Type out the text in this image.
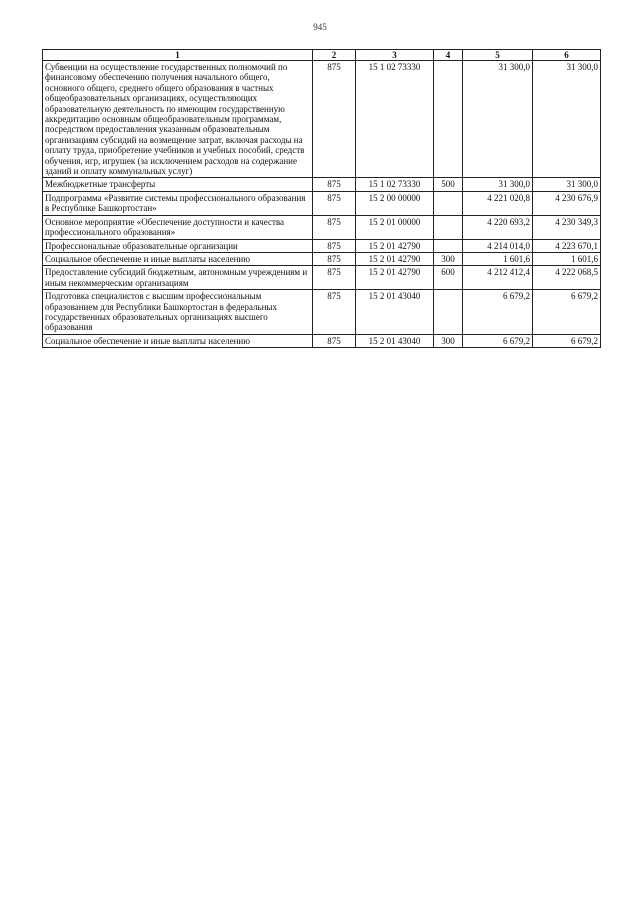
945
1	2	3	4	5	6
Субвенции на осуществление государственных полномочий по финансовому обеспечению получения начального общего, основного общего, среднего общего образования в частных общеобразовательных организациях, осуществляющих образовательную деятельность по имеющим государственную аккредитацию основным общеобразовательным программам, посредством предоставления указанным образовательным организациям субсидий на возмещение затрат, включая расходы на оплату труда, приобретение учебников и учебных пособий, средств обучения, игр, игрушек (за исключением расходов на содержание зданий и оплату коммунальных услуг)	875	15 1 02 73330		31 300,0	31 300,0
Межбюджетные трансферты	875	15 1 02 73330	500	31 300,0	31 300,0
Подпрограмма «Развитие системы профессионального образования в Республике Башкортостан»	875	15 2 00 00000		4 221 020,8	4 230 676,9
Основное мероприятие «Обеспечение доступности и качества профессионального образования»	875	15 2 01 00000		4 220 693,2	4 230 349,3
Профессиональные образовательные организации	875	15 2 01 42790		4 214 014,0	4 223 670,1
Социальное обеспечение и иные выплаты населению	875	15 2 01 42790	300	1 601,6	1 601,6
Предоставление субсидий бюджетным, автономным учреждениям и иным некоммерческим организациям	875	15 2 01 42790	600	4 212 412,4	4 222 068,5
Подготовка специалистов с высшим профессиональным образованием для Республики Башкортостан в федеральных государственных образовательных организациях высшего образования	875	15 2 01 43040		6 679,2	6 679,2
Социальное обеспечение и иные выплаты населению	875	15 2 01 43040	300	6 679,2	6 679,2
